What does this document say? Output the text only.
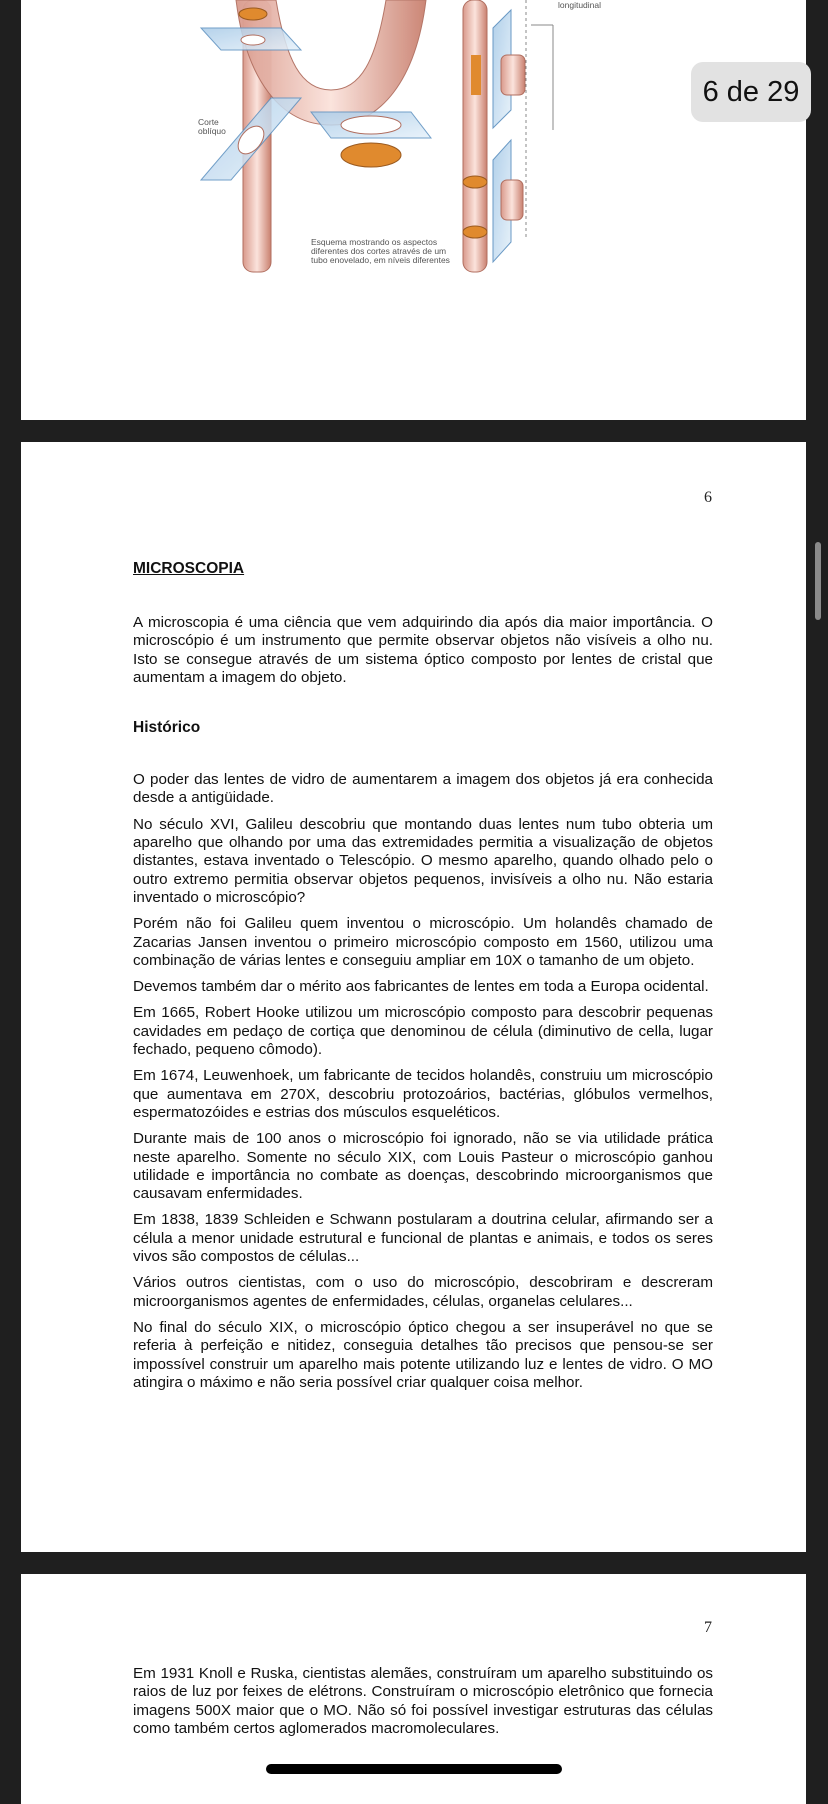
Corte oblíquo
longitudinal
Esquema mostrando os aspectos diferentes dos cortes através de um tubo enovelado, em níveis diferentes
6

MICROSCOPIA

A microscopia é uma ciência que vem adquirindo dia após dia maior importância. O microscópio é um instrumento que permite observar objetos não visíveis a olho nu. Isto se consegue através de um sistema óptico composto por lentes de cristal que aumentam a imagem do objeto.

Histórico

O poder das lentes de vidro de aumentarem a imagem dos objetos já era conhecida desde a antigüidade.

No século XVI, Galileu descobriu que montando duas lentes num tubo obteria um aparelho que olhando por uma das extremidades permitia a visualização de objetos distantes, estava inventado o Telescópio. O mesmo aparelho, quando olhado pelo o outro extremo permitia observar objetos pequenos, invisíveis a olho nu. Não estaria inventado o microscópio?

Porém não foi Galileu quem inventou o microscópio. Um holandês chamado de Zacarias Jansen inventou o primeiro microscópio composto em 1560, utilizou uma combinação de várias lentes e conseguiu ampliar em 10X o tamanho de um objeto.

Devemos também dar o mérito aos fabricantes de lentes em toda a Europa ocidental.

Em 1665, Robert Hooke utilizou um microscópio composto para descobrir pequenas cavidades em pedaço de cortiça que denominou de célula (diminutivo de cella, lugar fechado, pequeno cômodo).

Em 1674, Leuwenhoek, um fabricante de tecidos holandês, construiu um microscópio que aumentava em 270X, descobriu protozoários, bactérias, glóbulos vermelhos, espermatozóides e estrias dos músculos esqueléticos.

Durante mais de 100 anos o microscópio foi ignorado, não se via utilidade prática neste aparelho. Somente no século XIX, com Louis Pasteur o microscópio ganhou utilidade e importância no combate as doenças, descobrindo microorganismos que causavam enfermidades.

Em 1838, 1839 Schleiden e Schwann postularam a doutrina celular, afirmando ser a célula a menor unidade estrutural e funcional de plantas e animais, e todos os seres vivos são compostos de células...

Vários outros cientistas, com o uso do microscópio, descobriram e descreram microorganismos agentes de enfermidades, células, organelas celulares...

No final do século XIX, o microscópio óptico chegou a ser insuperável no que se referia à perfeição e nitidez, conseguia detalhes tão precisos que pensou-se ser impossível construir um aparelho mais potente utilizando luz e lentes de vidro. O MO atingira o máximo e não seria possível criar qualquer coisa melhor.

7

Em 1931 Knoll e Ruska, cientistas alemães, construíram um aparelho substituindo os raios de luz por feixes de elétrons. Construíram o microscópio eletrônico que fornecia imagens 500X maior que o MO. Não só foi possível investigar estruturas das células como também certos aglomerados macromoleculares.

6 de 29
